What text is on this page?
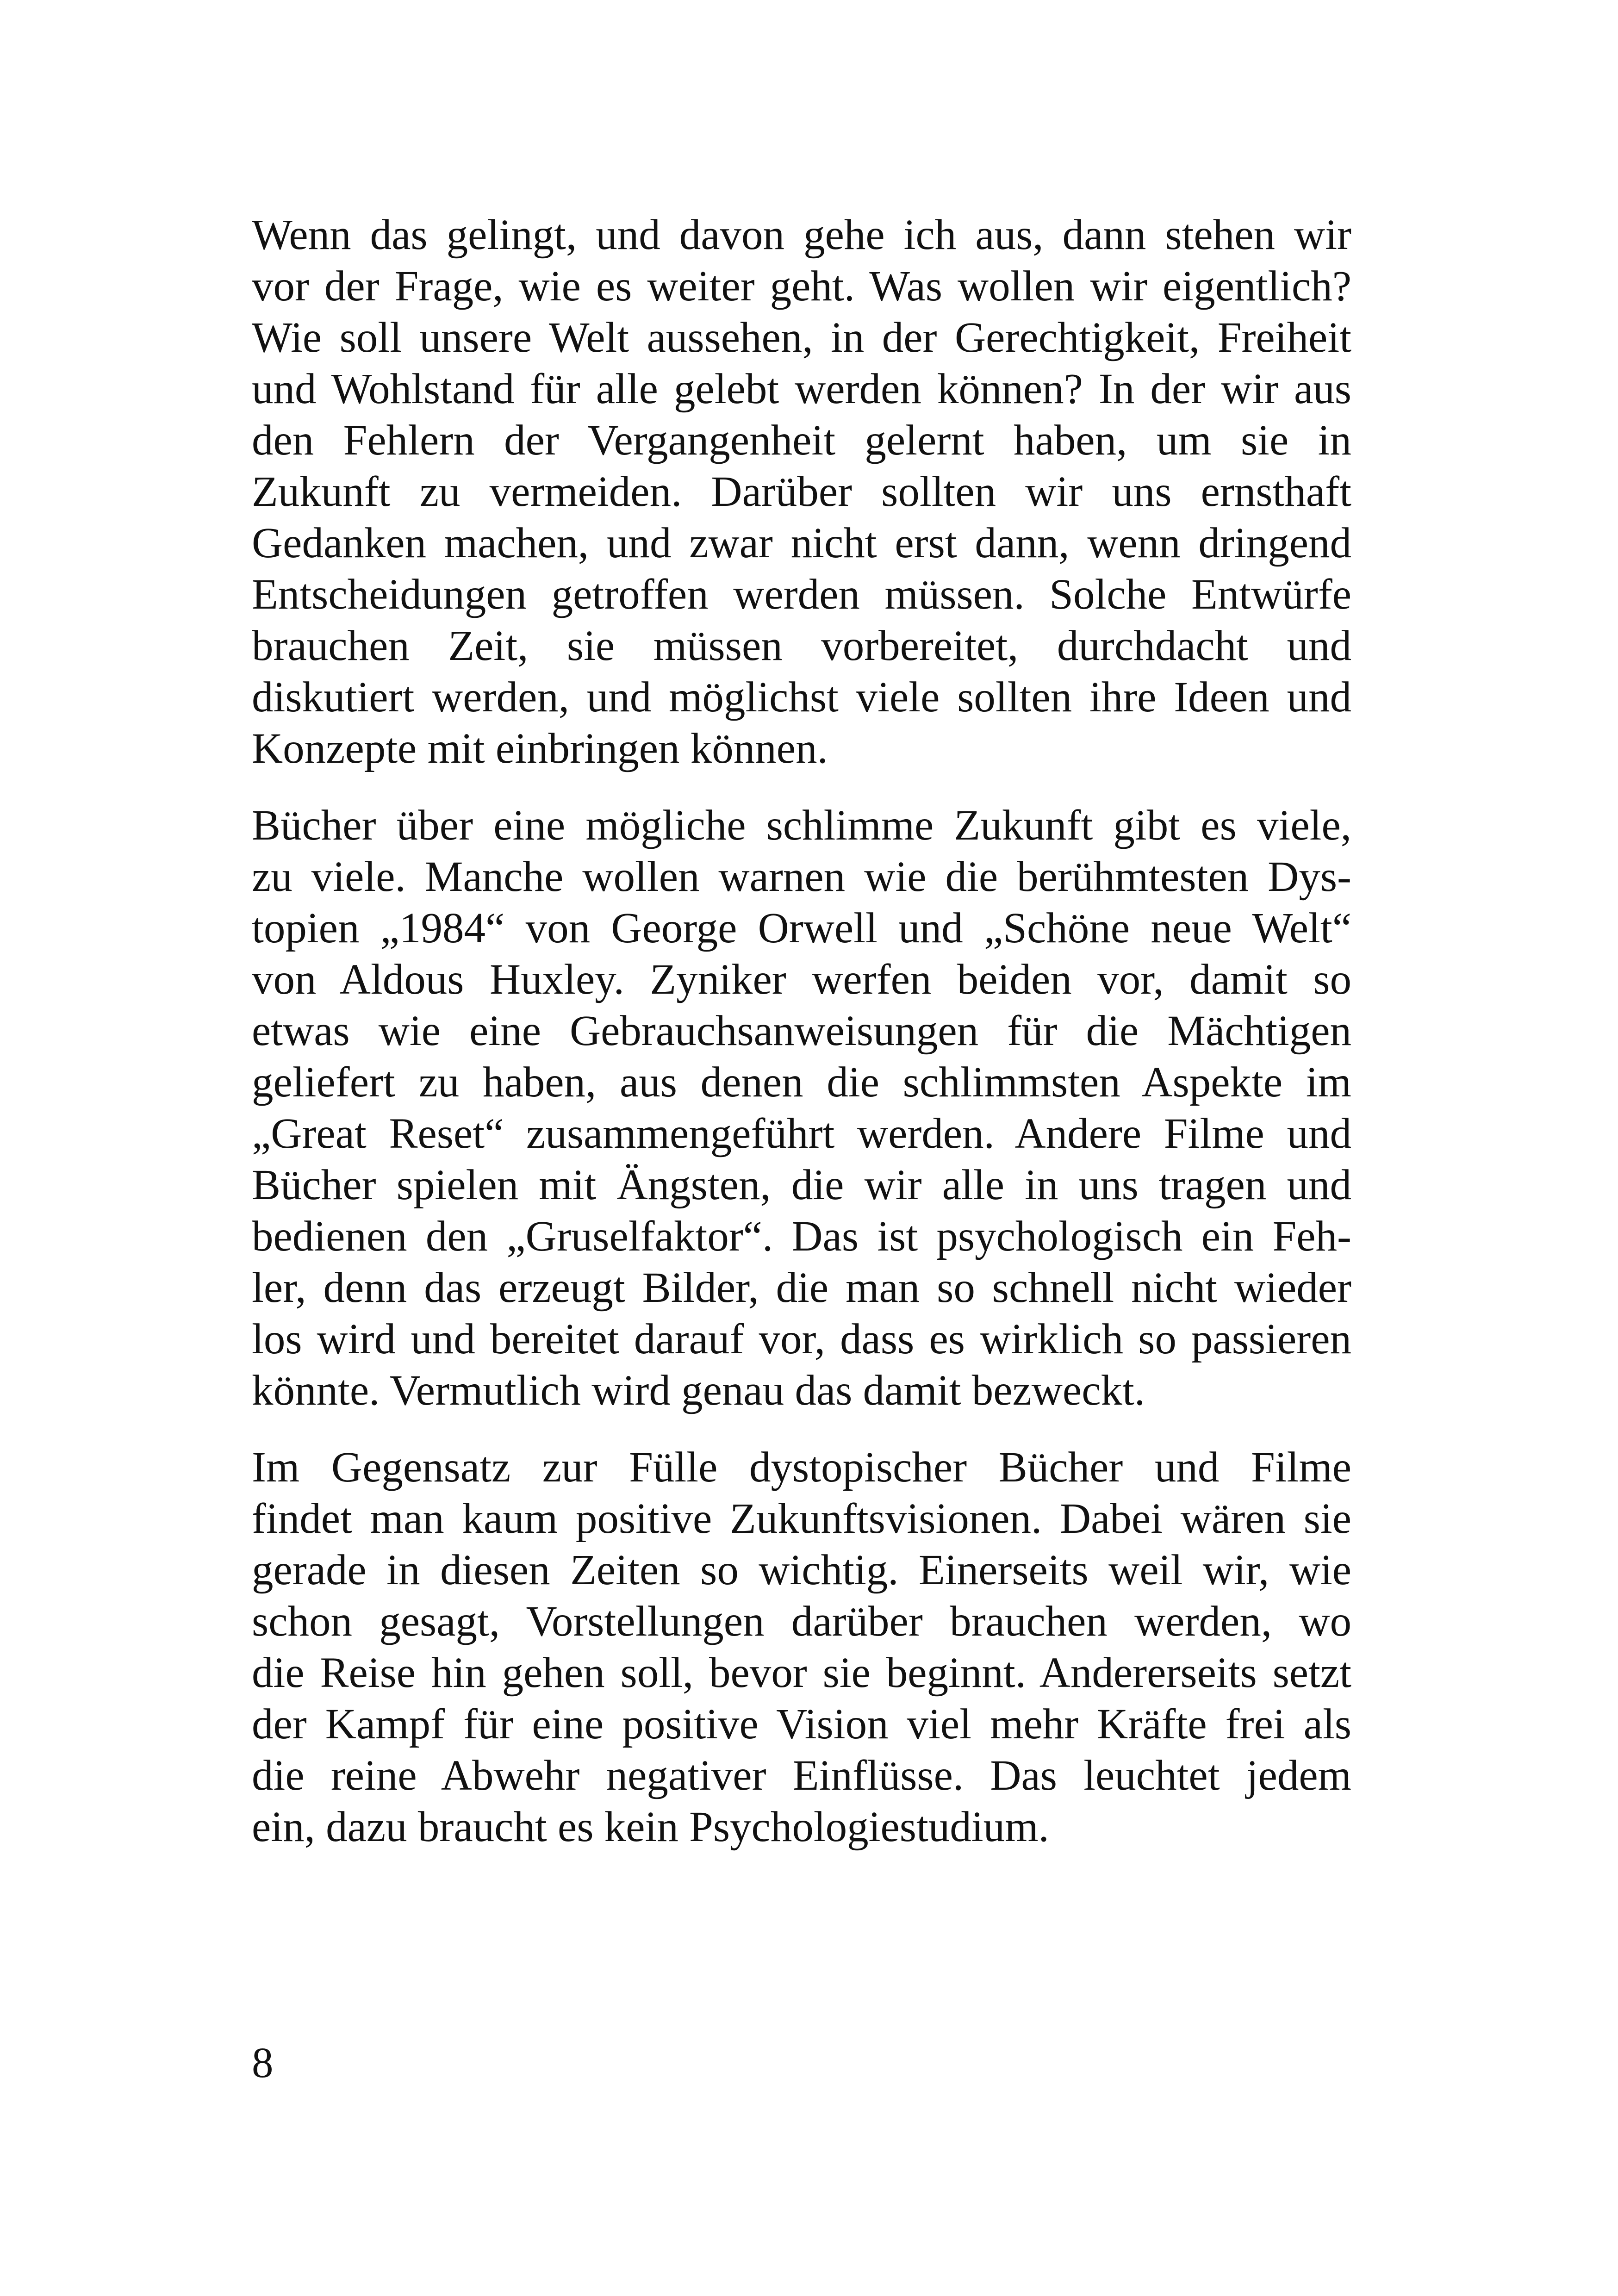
Wenn das gelingt, und davon gehe ich aus, dann stehen wir
vor der Frage, wie es weiter geht. Was wollen wir eigentlich?
Wie soll unsere Welt aussehen, in der Gerechtigkeit, Freiheit
und Wohlstand für alle gelebt werden können? In der wir aus
den Fehlern der Vergangenheit gelernt haben, um sie in
Zukunft zu vermeiden. Darüber sollten wir uns ernsthaft
Gedanken machen, und zwar nicht erst dann, wenn dringend
Entscheidungen getroffen werden müssen. Solche Entwürfe
brauchen Zeit, sie müssen vorbereitet, durchdacht und
diskutiert werden, und möglichst viele sollten ihre Ideen und
Konzepte mit einbringen können.
Bücher über eine mögliche schlimme Zukunft gibt es viele,
zu viele. Manche wollen warnen wie die berühmtesten Dys-
topien „1984“ von George Orwell und „Schöne neue Welt“
von Aldous Huxley. Zyniker werfen beiden vor, damit so
etwas wie eine Gebrauchsanweisungen für die Mächtigen
geliefert zu haben, aus denen die schlimmsten Aspekte im
„Great Reset“ zusammengeführt werden. Andere Filme und
Bücher spielen mit Ängsten, die wir alle in uns tragen und
bedienen den „Gruselfaktor“. Das ist psychologisch ein Feh-
ler, denn das erzeugt Bilder, die man so schnell nicht wieder
los wird und bereitet darauf vor, dass es wirklich so passieren
könnte. Vermutlich wird genau das damit bezweckt.
Im Gegensatz zur Fülle dystopischer Bücher und Filme
findet man kaum positive Zukunftsvisionen. Dabei wären sie
gerade in diesen Zeiten so wichtig. Einerseits weil wir, wie
schon gesagt, Vorstellungen darüber brauchen werden, wo
die Reise hin gehen soll, bevor sie beginnt. Andererseits setzt
der Kampf für eine positive Vision viel mehr Kräfte frei als
die reine Abwehr negativer Einflüsse. Das leuchtet jedem
ein, dazu braucht es kein Psychologiestudium.
8
